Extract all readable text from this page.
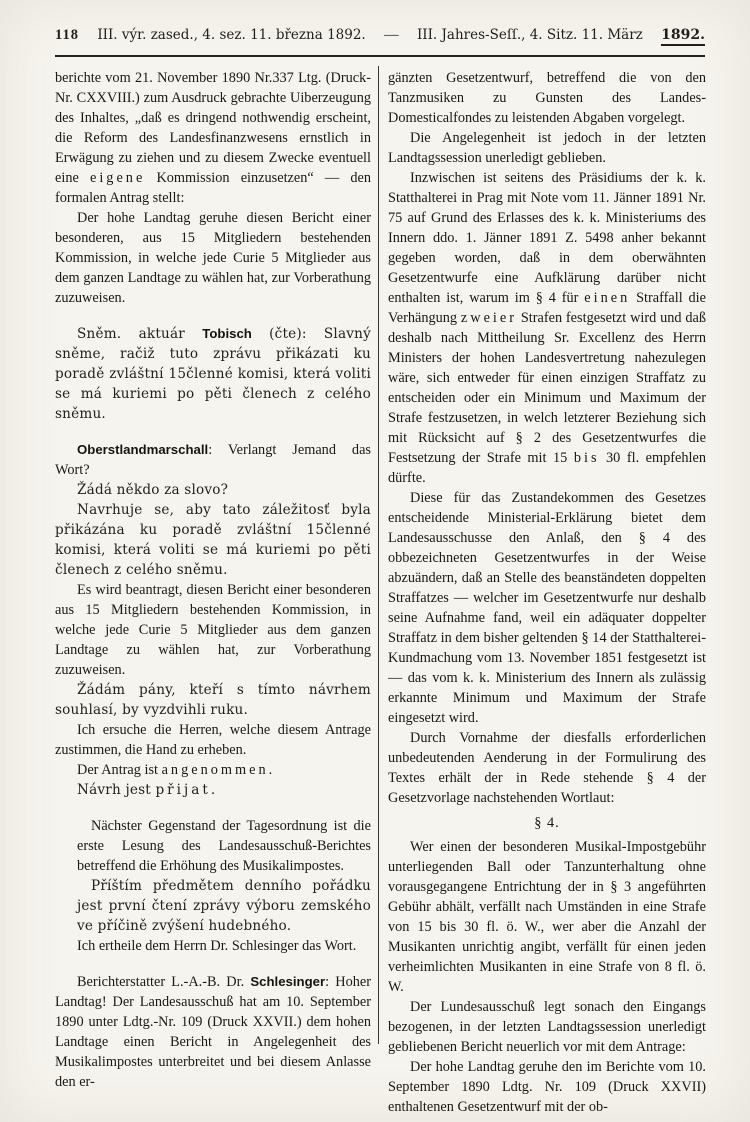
118 III. výr. zased., 4. sez. 11. března 1892. — III. Jahres-Seſſ., 4. Sitz. 11. März 1892.

berichte vom 21. November 1890 Nr.337 Ltg. (Druck-Nr. CXXVIII.) zum Ausdruck gebrachte Uiberzeugung des Inhaltes, „daß es dringend nothwendig erscheint, die Reform des Landesfinanzwesens ernstlich in Erwägung zu ziehen und zu diesem Zwecke eventuell eine eigene Kommission einzusetzen“ — den formalen Antrag stellt:

Der hohe Landtag geruhe diesen Bericht einer besonderen, aus 15 Mitgliedern bestehenden Kommission, in welche jede Curie 5 Mitglieder aus dem ganzen Landtage zu wählen hat, zur Vorberathung zuzuweisen.

Sněm. aktuár Tobisch (čte): Slavný sněme, račiž tuto zprávu přikázati ku poradě zvláštní 15členné komisi, která voliti se má kuriemi po pěti členech z celého sněmu.

Oberstlandmarschall: Verlangt Jemand das Wort?

Žádá někdo za slovo?

Navrhuje se, aby tato záležitosť byla přikázána ku poradě zvláštní 15členné komisi, která voliti se má kuriemi po pěti členech z celého sněmu.

Es wird beantragt, diesen Bericht einer besonderen aus 15 Mitgliedern bestehenden Kommission, in welche jede Curie 5 Mitglieder aus dem ganzen Landtage zu wählen hat, zur Vorberathung zuzuweisen.

Žádám pány, kteří s tímto návrhem souhlasí, by vyzdvihli ruku.

Ich ersuche die Herren, welche diesem Antrage zustimmen, die Hand zu erheben.

Der Antrag ist angenommen.

Návrh jest přijat.

Nächster Gegenstand der Tagesordnung ist die erste Lesung des Landesausschuß-Berichtes betreffend die Erhöhung des Musikalimpostes.

Příštím předmětem denního pořádku jest první čtení zprávy výboru zemského ve příčině zvýšení hudebného.

Ich ertheile dem Herrn Dr. Schlesinger das Wort.

Berichterstatter L.-A.-B. Dr. Schlesinger: Hoher Landtag! Der Landesausschuß hat am 10. September 1890 unter Ldtg.-Nr. 109 (Druck XXVII.) dem hohen Landtage einen Bericht in Angelegenheit des Musikalimpostes unterbreitet und bei diesem Anlasse den er-

gänzten Gesetzentwurf, betreffend die von den Tanzmusiken zu Gunsten des Landes-Domesticalfondes zu leistenden Abgaben vorgelegt.

Die Angelegenheit ist jedoch in der letzten Landtagssession unerledigt geblieben.

Inzwischen ist seitens des Präsidiums der k. k. Statthalterei in Prag mit Note vom 11. Jänner 1891 Nr. 75 auf Grund des Erlasses des k. k. Ministeriums des Innern ddo. 1. Jänner 1891 Z. 5498 anher bekannt gegeben worden, daß in dem oberwähnten Gesetzentwurfe eine Aufklärung darüber nicht enthalten ist, warum im § 4 für einen Straffall die Verhängung zweier Strafen festgesetzt wird und daß deshalb nach Mittheilung Sr. Excellenz des Herrn Ministers der hohen Landesvertretung nahezulegen wäre, sich entweder für einen einzigen Straffatz zu entscheiden oder ein Minimum und Maximum der Strafe festzusetzen, in welch letzterer Beziehung sich mit Rücksicht auf § 2 des Gesetzentwurfes die Festsetzung der Strafe mit 15 bis 30 fl. empfehlen dürfte.

Diese für das Zustandekommen des Gesetzes entscheidende Ministerial-Erklärung bietet dem Landesausschusse den Anlaß, den § 4 des obbezeichneten Gesetzentwurfes in der Weise abzuändern, daß an Stelle des beanständeten doppelten Straffatzes — welcher im Gesetzentwurfe nur deshalb seine Aufnahme fand, weil ein adäquater doppelter Straffatz in dem bisher geltenden § 14 der Statthalterei-Kundmachung vom 13. November 1851 festgesetzt ist — das vom k. k. Ministerium des Innern als zulässig erkannte Minimum und Maximum der Strafe eingesetzt wird.

Durch Vornahme der diesfalls erforderlichen unbedeutenden Aenderung in der Formulirung des Textes erhält der in Rede stehende § 4 der Gesetzvorlage nachstehenden Wortlaut:

§ 4.

Wer einen der besonderen Musikal-Impostgebühr unterliegenden Ball oder Tanzunterhaltung ohne vorausgegangene Entrichtung der in § 3 angeführten Gebühr abhält, verfällt nach Umständen in eine Strafe von 15 bis 30 fl. ö. W., wer aber die Anzahl der Musikanten unrichtig angibt, verfällt für einen jeden verheimlichten Musikanten in eine Strafe von 8 fl. ö. W.

Der Lundesausschuß legt sonach den Eingangs bezogenen, in der letzten Landtagssession unerledigt gebliebenen Bericht neuerlich vor mit dem Antrage:

Der hohe Landtag geruhe den im Berichte vom 10. September 1890 Ldtg. Nr. 109 (Druck XXVII) enthaltenen Gesetzentwurf mit der ob-
